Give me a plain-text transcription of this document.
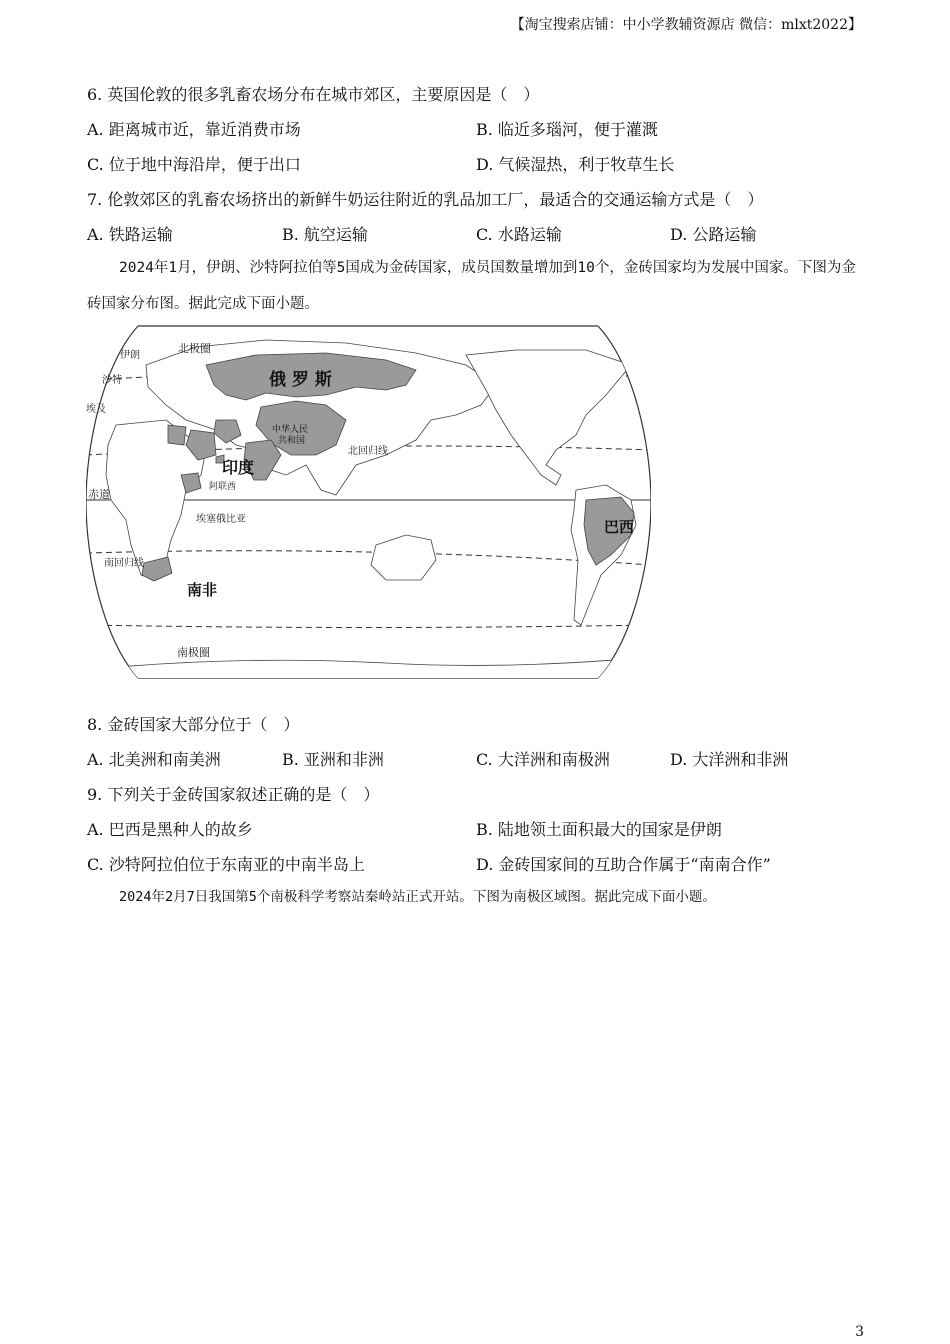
【淘宝搜索店铺：中小学教辅资源店 微信：mlxt2022】
6. 英国伦敦的很多乳畜农场分布在城市郊区，主要原因是（　）
A. 距离城市近，靠近消费市场	B. 临近多瑙河，便于灌溉
C. 位于地中海沿岸，便于出口	D. 气候湿热，利于牧草生长
7. 伦敦郊区的乳畜农场挤出的新鲜牛奶运往附近的乳品加工厂，最适合的交通运输方式是（　）
A. 铁路运输	B. 航空运输	C. 水路运输	D. 公路运输
2024年1月，伊朗、沙特阿拉伯等5国成为金砖国家，成员国数量增加到10个，金砖国家均为发展中国家。下图为金砖国家分布图。据此完成下面小题。
北极圈
伊朗
沙特
埃及
俄 罗 斯
中华人民
共和国
北回归线
印度
阿联酋
赤道
埃塞俄比亚	巴西
南回归线
南非
南极圈
8. 金砖国家大部分位于（　）
A. 北美洲和南美洲	B. 亚洲和非洲	C. 大洋洲和南极洲	D. 大洋洲和非洲
9. 下列关于金砖国家叙述正确的是（　）
A. 巴西是黑种人的故乡	B. 陆地领土面积最大的国家是伊朗
C. 沙特阿拉伯位于东南亚的中南半岛上	D. 金砖国家间的互助合作属于“南南合作”
2024年2月7日我国第5个南极科学考察站秦岭站正式开站。下图为南极区域图。据此完成下面小题。
3
